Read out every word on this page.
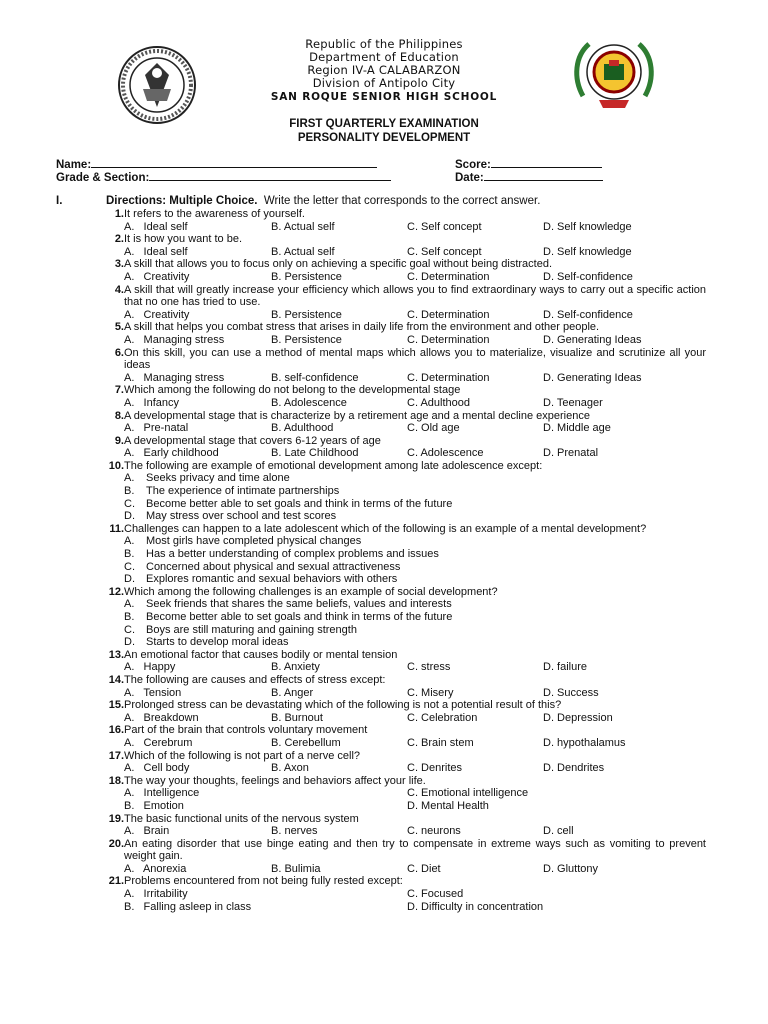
Republic of the Philippines
Department of Education
Region IV-A CALABARZON
Division of Antipolo City
SAN ROQUE SENIOR HIGH SCHOOL
FIRST QUARTERLY EXAMINATION
PERSONALITY DEVELOPMENT
Name:
Grade & Section:
Score:
Date:
I.	Directions: Multiple Choice. Write the letter that corresponds to the correct answer.
1. It refers to the awareness of yourself.
A.   Ideal self	B. Actual self	C. Self concept	D. Self knowledge
2. It is how you want to be.
A.   Ideal self	B. Actual self	C. Self concept	D. Self knowledge
3. A skill that allows you to focus only on achieving a specific goal without being distracted.
A.   Creativity	B. Persistence	C. Determination	D. Self-confidence
4. A skill that will greatly increase your efficiency which allows you to find extraordinary ways to carry out a specific action that no one has tried to use.
A.   Creativity	B. Persistence	C. Determination	D. Self-confidence
5. A skill that helps you combat stress that arises in daily life from the environment and other people.
A.   Managing stress	B. Persistence	C. Determination	D. Generating Ideas
6. On this skill, you can use a method of mental maps which allows you to materialize, visualize and scrutinize all your ideas
A.   Managing stress	B. self-confidence	C. Determination	D. Generating Ideas
7. Which among the following do not belong to the developmental stage
A.   Infancy	B. Adolescence	C. Adulthood	D. Teenager
8. A developmental stage that is characterize by a retirement age and a mental decline experience
A.   Pre-natal	B. Adulthood	C. Old age	D. Middle age
9. A developmental stage that covers 6-12 years of age
A.   Early childhood	B. Late Childhood	C. Adolescence	D. Prenatal
10. The following are example of emotional development among late adolescence except:
A. Seeks privacy and time alone
B. The experience of intimate partnerships
C. Become better able to set goals and think in terms of the future
D. May stress over school and test scores
11. Challenges can happen to a late adolescent which of the following is an example of a mental development?
A. Most girls have completed physical changes
B. Has a better understanding of complex problems and issues
C. Concerned about physical and sexual attractiveness
D. Explores romantic and sexual behaviors with others
12. Which among the following challenges is an example of social development?
A. Seek friends that shares the same beliefs, values and interests
B. Become better able to set goals and think in terms of the future
C. Boys are still maturing and gaining strength
D. Starts to develop moral ideas
13. An emotional factor that causes bodily or mental tension
A.   Happy	B. Anxiety	C. stress	D. failure
14. The following are causes and effects of stress except:
A.   Tension	B. Anger	C. Misery	D. Success
15. Prolonged stress can be devastating which of the following is not a potential result of this?
A.   Breakdown	B. Burnout	C. Celebration	D. Depression
16. Part of the brain that controls voluntary movement
A.   Cerebrum	B. Cerebellum	C. Brain stem	D. hypothalamus
17. Which of the following is not part of a nerve cell?
A.   Cell body	B. Axon	C. Denrites	D. Dendrites
18. The way your thoughts, feelings and behaviors affect your life.
A.   Intelligence	C. Emotional intelligence
B.   Emotion	D. Mental Health
19. The basic functional units of the nervous system
A.   Brain	B. nerves	C. neurons	D. cell
20. An eating disorder that use binge eating and then try to compensate in extreme ways such as vomiting to prevent weight gain.
A.   Anorexia	B. Bulimia	C. Diet	D. Gluttony
21. Problems encountered from not being fully rested except:
A.   Irritability	C. Focused
B.   Falling asleep in class	D. Difficulty in concentration
